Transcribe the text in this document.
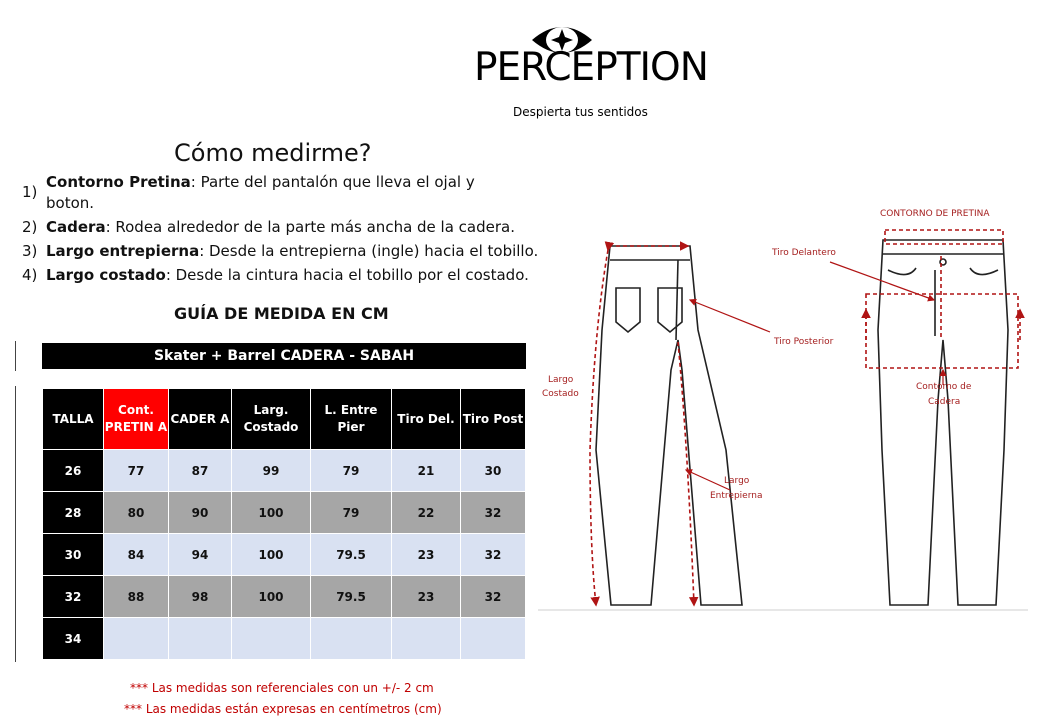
PERCEPTION
Despierta tus sentidos
Cómo medirme?
1)
Contorno Pretina: Parte del pantalón que lleva el ojal y boton.
2) Cadera: Rodea alrededor de la parte más ancha de la cadera.
3) Largo entrepierna: Desde la entrepierna (ingle) hacia el tobillo.
4) Largo costado: Desde la cintura hacia el tobillo por el costado.
GUÍA DE MEDIDA EN CM
Skater + Barrel CADERA - SABAH
TALLA	Cont. PRETIN A	CADER A	Larg. Costado	L. Entre Pier	Tiro Del.	Tiro Post
26	77	87	99	79	21	30
28	80	90	100	79	22	32
30	84	94	100	79.5	23	32
32	88	98	100	79.5	23	32
34						
*** Las medidas son referenciales con un +/- 2 cm
*** Las medidas están expresas en centímetros (cm)
CONTORNO DE PRETINA
Tiro Delantero
Tiro Posterior
Largo
Costado
Contorno de
Cadera
Largo
Entrepierna
